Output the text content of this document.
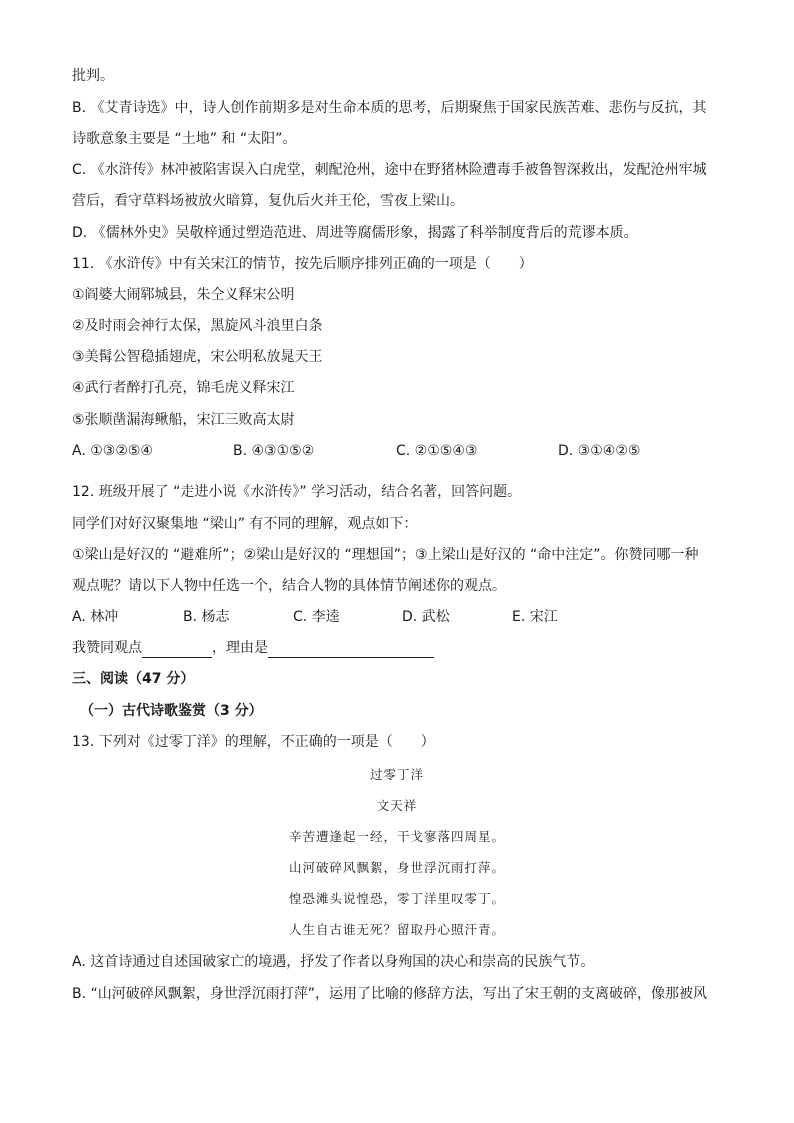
批判。
B. 《艾青诗选》中，诗人创作前期多是对生命本质的思考，后期聚焦于国家民族苦难、悲伤与反抗，其
诗歌意象主要是 “土地” 和 “太阳”。
C. 《水浒传》林冲被陷害误入白虎堂，刺配沧州，途中在野猪林险遭毒手被鲁智深救出，发配沧州牢城
营后，看守草料场被放火暗算，复仇后火并王伦，雪夜上梁山。
D. 《儒林外史》吴敬梓通过塑造范进、周进等腐儒形象，揭露了科举制度背后的荒谬本质。
11. 《水浒传》中有关宋江的情节，按先后顺序排列正确的一项是（　　）
①阎婆大闹郓城县，朱仝义释宋公明
②及时雨会神行太保，黑旋风斗浪里白条
③美髯公智稳插翅虎，宋公明私放晁天王
④武行者醉打孔亮，锦毛虎义释宋江
⑤张顺凿漏海鳅船，宋江三败高太尉
A. ①③②⑤④	B. ④③①⑤②	C. ②①⑤④③	D. ③①④②⑤
12. 班级开展了 “走进小说《水浒传》” 学习活动，结合名著，回答问题。
同学们对好汉聚集地 “梁山” 有不同的理解，观点如下：
①梁山是好汉的 “避难所”；②梁山是好汉的 “理想国”；③上梁山是好汉的 “命中注定”。你赞同哪一种
观点呢？请以下人物中任选一个，结合人物的具体情节阐述你的观点。
A. 林冲	B. 杨志	C. 李逵	D. 武松	E. 宋江
我赞同观点	，理由是
三、阅读（47 分）
（一）古代诗歌鉴赏（3 分）
13. 下列对《过零丁洋》的理解，不正确的一项是（　　）
过零丁洋
文天祥
辛苦遭逢起一经，干戈寥落四周星。
山河破碎风飘絮，身世浮沉雨打萍。
惶恐滩头说惶恐，零丁洋里叹零丁。
人生自古谁无死？留取丹心照汗青。
A. 这首诗通过自述国破家亡的境遇，抒发了作者以身殉国的决心和崇高的民族气节。
B. “山河破碎风飘絮，身世浮沉雨打萍”，运用了比喻的修辞方法，写出了宋王朝的支离破碎，像那被风
